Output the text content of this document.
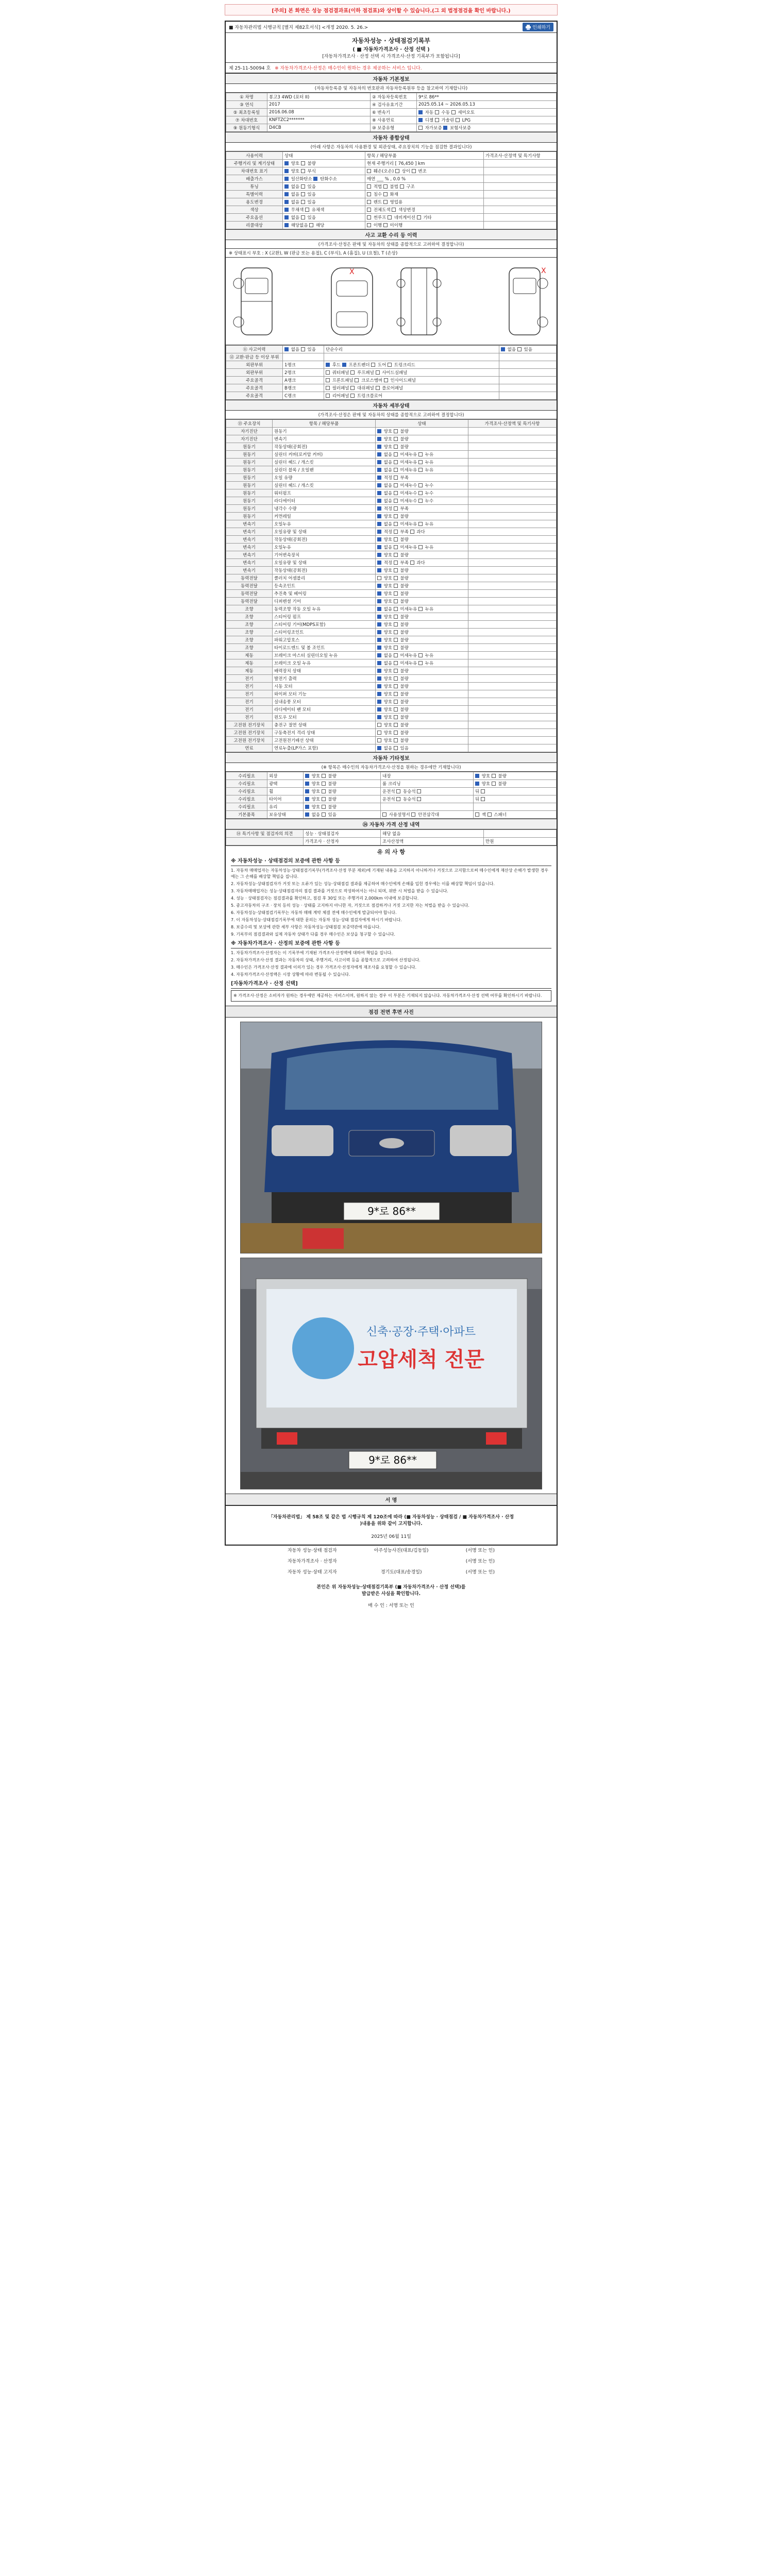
[주의] 본 화면은 성능 점검결과표(이하 점검표)와 상이할 수 있습니다.(그 외 법정점검을 확인 바랍니다.)
■ 자동차관리법 시행규칙 [별지 제82호서식] <개정 2020. 5. 26.>	인쇄하기
자동차성능 · 상태점검기록부
( ■ 자동차가격조사 · 산정 선택 )
[자동차가격조사 · 산정 선택 시 가격조사·산정 기록부가 포함됩니다]
제 25-11-50094 호 ※ 자동차가격조사·산정은 매수인이 원하는 경우 제공하는 서비스 입니다.
자동차 기본정보
(자동차등록증 및 자동차의 번호판과 자동차등록원부 등을 참고하여 기재합니다)
① 차명	봉고3 4WD (포터 II)	② 자동차등록번호	9*로 86**
③ 연식	2017	④ 검사유효기간	2025.05.14 ~ 2026.05.13
⑤ 최초등록일	2016.06.08	⑥ 변속기	자동  수동  세미오토
⑦ 차대번호	KNFTZC2*******	⑧ 사용연료	디젤  가솔린  LPG
⑨ 원동기형식	D4CB	⑩ 보증유형	자가보증  보험사보증
자동차 종합상태
(아래 사항은 자동차의 사용환경 및 외관상태, 주요장치의 기능을 점검한 결과입니다)
사용이력	상태	항목 / 해당부품	가격조사·산정액 및 특기사항
주행거리 및 계기상태	양호  불량	현재 주행거리 [ 76,450 ] km	
차대번호 표기	양호  부식	훼손(오손)  상이  변조	
배출가스	일산화탄소  탄화수소	매연 ___ % , 0.0 %	
튜닝	없음  있음	적법  불법  구조	
특별이력	없음  있음	침수  화재	
용도변경	없음  있음	렌트  영업용	
색상	무채색  유채색	전체도색  색상변경	
주요옵션	없음  있음	썬루프  네비게이션  기타	
리콜대상	해당없음  해당	이행  미이행	
사고 교환 수리 등 이력
(가격조사·산정은 판매 및 자동차의 상태를 종합적으로 고려하여 결정합니다)
※ 상태표시 부호 : X (교환), W (판금 또는 용접), C (부식), A (흠집), U (요철), T (손상)
X	X
⑪ 사고이력	없음  있음	단순수리	없음  있음
⑫ 교환·판금 등 이상 부위			
외판부위	1랭크	후드  프론트펜더  도어  트렁크리드	
외판부위	2랭크	쿼터패널  루프패널  사이드실패널	
주요골격	A랭크	프론트패널  크로스멤버  인사이드패널	
주요골격	B랭크	필러패널  대쉬패널  플로어패널	
주요골격	C랭크	리어패널  트렁크플로어	
자동차 세부상태
(가격조사·산정은 판매 및 자동차의 상태를 종합적으로 고려하여 결정합니다)
⑬ 주요장치	항목 / 해당부품	상태	가격조사·산정액 및 특기사항
자기진단	원동기	양호  불량	
자기진단	변속기	양호  불량	
원동기	작동상태(공회전)	양호  불량	
원동기	실린더 커버(로커암 커버)	없음  미세누유  누유	
원동기	실린더 헤드 / 개스킷	없음  미세누유  누유	
원동기	실린더 블록 / 오일팬	없음  미세누유  누유	
원동기	오일 유량	적정  부족	
원동기	실린더 헤드 / 개스킷	없음  미세누수  누수	
원동기	워터펌프	없음  미세누수  누수	
원동기	라디에이터	없음  미세누수  누수	
원동기	냉각수 수량	적정  부족	
원동기	커먼레일	양호  불량	
변속기	오일누유	없음  미세누유  누유	
변속기	오일유량 및 상태	적정  부족  과다	
변속기	작동상태(공회전)	양호  불량	
변속기	오일누유	없음  미세누유  누유	
변속기	기어변속장치	양호  불량	
변속기	오일유량 및 상태	적정  부족  과다	
변속기	작동상태(공회전)	양호  불량	
동력전달	클러치 어셈블리	양호  불량	
동력전달	등속조인트	양호  불량	
동력전달	추진축 및 베어링	양호  불량	
동력전달	디퍼렌셜 기어	양호  불량	
조향	동력조향 작동 오일 누유	없음  미세누유  누유	
조향	스티어링 펌프	양호  불량	
조향	스티어링 기어(MDPS포함)	양호  불량	
조향	스티어링조인트	양호  불량	
조향	파워고압호스	양호  불량	
조향	타이로드엔드 및 볼 조인트	양호  불량	
제동	브레이크 마스터 실린더오일 누유	없음  미세누유  누유	
제동	브레이크 오일 누유	없음  미세누유  누유	
제동	배력장치 상태	양호  불량	
전기	발전기 출력	양호  불량	
전기	시동 모터	양호  불량	
전기	와이퍼 모터 기능	양호  불량	
전기	실내송풍 모터	양호  불량	
전기	라디에이터 팬 모터	양호  불량	
전기	윈도우 모터	양호  불량	
고전원 전기장치	충전구 절연 상태	양호  불량	
고전원 전기장치	구동축전지 격리 상태	양호  불량	
고전원 전기장치	고전원전기배선 상태	양호  불량	
연료	연료누출(LP가스 포함)	없음  있음	
자동차 기타정보
(※ 항목은 매수인의 자동차가격조사·산정을 원하는 경우에만 기재합니다)
수리필요	외장	양호  불량	내장	양호  불량
수리필요	광택	양호  불량	룸 크리닝	양호  불량
수리필요	휠	양호  불량	운전석  동승석	뒤
수리필요	타이어	양호  불량	운전석  동승석	뒤
수리필요	유리	양호  불량		
기본품목	보유상태	없음  있음	사용설명서  안전삼각대	잭  스패너
⑭ 자동차 가격 산정 내역
⑭ 특기사항 및 점검자의 의견	성능 · 상태점검자	해당 없음	
	가격조사 · 산정자	조사산정액	만원
유 의 사 항
※ 자동차성능 · 상태점검의 보증에 관한 사항 등

1. 자동차 매매업자는 자동차성능·상태점검기록부(가격조사·산정 부분 제외)에 기재된 내용을 고지하지 아니하거나 거짓으로 고지함으로써 매수인에게 재산상 손해가 발생한 경우에는 그 손해를 배상할 책임을 집니다.

2. 자동차성능·상태점검자가 거짓 또는 오류가 있는 성능·상태점검 결과를 제공하여 매수인에게 손해를 입힌 경우에는 이를 배상할 책임이 있습니다.

3. 자동차매매업자는 성능·상태점검자의 점검 결과를 거짓으로 작성하여서는 아니 되며, 위반 시 처벌을 받을 수 있습니다.

4. 성능 · 상태점검자는 점검결과를 확인하고, 점검 후 30일 또는 주행거리 2,000km 이내에 보증합니다.

5. 중고자동차의 구조 · 장치 등의 성능 · 상태를 고지하지 아니한 자, 거짓으로 점검하거나 거짓 고지한 자는 처벌을 받을 수 있습니다.

6. 자동차성능·상태점검기록부는 자동차 매매 계약 체결 전에 매수인에게 발급되어야 합니다.

7. 이 자동차성능·상태점검기록부에 대한 문의는 자동차 성능·상태 점검자에게 하시기 바랍니다.

8. 보증수리 및 보상에 관한 세부 사항은 자동차성능·상태점검 보증약관에 따릅니다.

9. 기록부의 점검결과와 실제 자동차 상태가 다를 경우 매수인은 보상을 청구할 수 있습니다.

※ 자동차가격조사 · 산정의 보증에 관한 사항 등

1. 자동차가격조사·산정자는 이 기록부에 기재된 가격조사·산정액에 대하여 책임을 집니다.

2. 자동차가격조사·산정 결과는 자동차의 상태, 주행거리, 사고이력 등을 종합적으로 고려하여 산정됩니다.

3. 매수인은 가격조사·산정 결과에 이의가 있는 경우 가격조사·산정자에게 재조사를 요청할 수 있습니다.

4. 자동차가격조사·산정액은 시장 상황에 따라 변동될 수 있습니다.

[자동차가격조사 · 산정 선택]

※ 가격조사·산정은 소비자가 원하는 경우에만 제공하는 서비스이며, 원하지 않는 경우 이 부분은 기재되지 않습니다. 자동차가격조사·산정 선택 여부를 확인하시기 바랍니다.

점검 전면 후면 사진
9*로 86**
신축·공장·주택·아파트
고압세척 전문
9*로 86**
서 명

「자동차관리법」 제 58조 및 같은 법 시행규칙 제 120조에 따라 (■ 자동차성능 · 상태점검 / ■ 자동차가격조사 · 산정 )내용을 위와 같이 고지합니다.

2025년 06월 11일

자동차 성능·상태 점검자	아주성능사진(대표/김동일)	(서명 또는 인)
자동차가격조사 · 산정자	(서명 또는 인)
자동차 성능·상태 고지자	경기도(대표/송경일)	(서명 또는 인)
본인은 위 자동차성능·상태점검기록부 (■ 자동차가격조사 · 산정 선택)를
발급받은 사실을 확인합니다.

매 수 인 : 서명 또는 인
